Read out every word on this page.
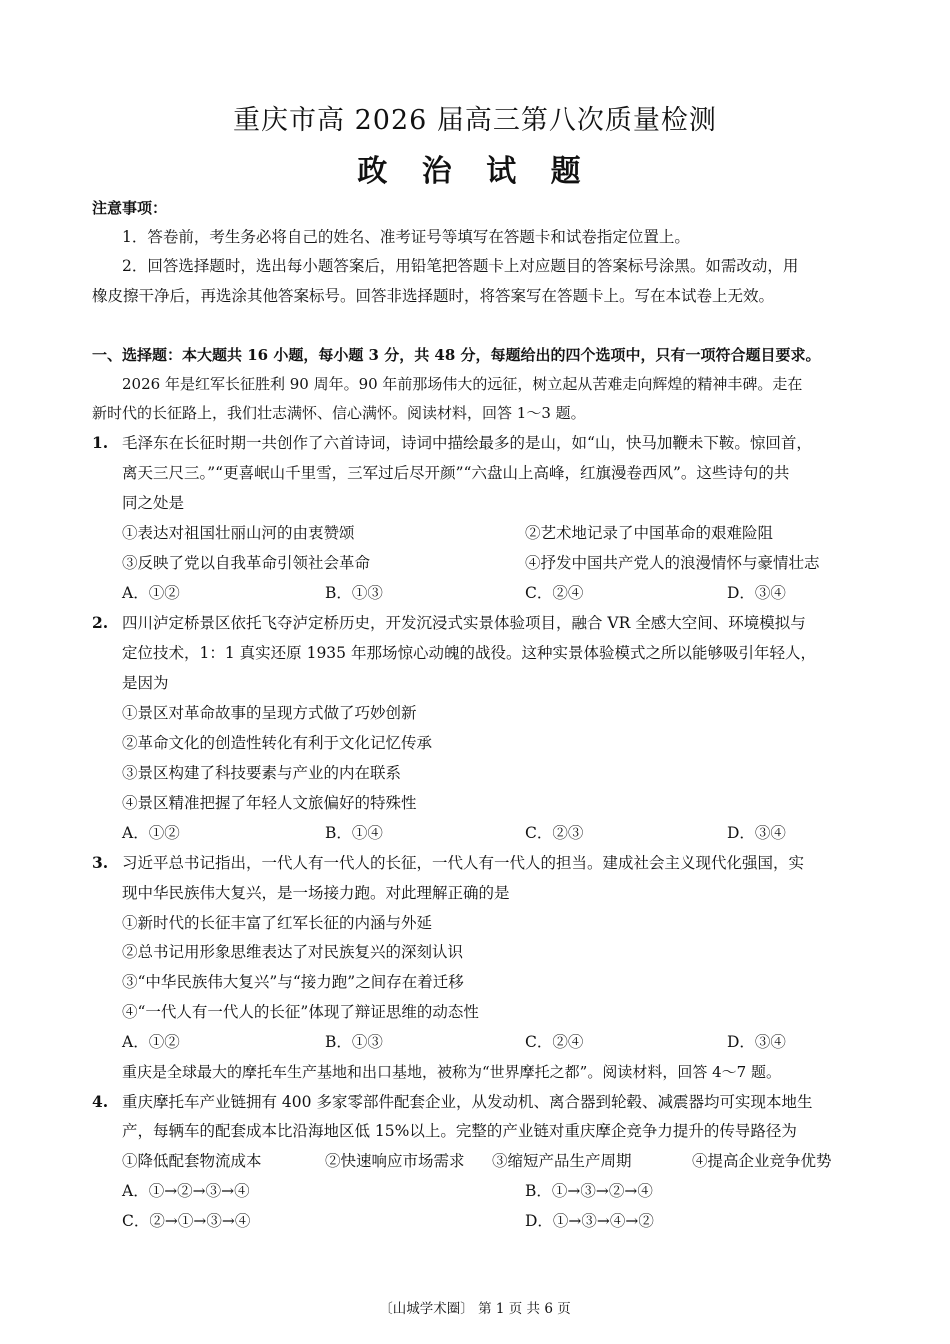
重庆市高 2026 届高三第八次质量检测
政 治 试 题
注意事项：
1．答卷前，考生务必将自己的姓名、准考证号等填写在答题卡和试卷指定位置上。
2．回答选择题时，选出每小题答案后，用铅笔把答题卡上对应题目的答案标号涂黑。如需改动，用
橡皮擦干净后，再选涂其他答案标号。回答非选择题时，将答案写在答题卡上。写在本试卷上无效。
一、选择题：本大题共 16 小题，每小题 3 分，共 48 分，每题给出的四个选项中，只有一项符合题目要求。
2026 年是红军长征胜利 90 周年。90 年前那场伟大的远征，树立起从苦难走向辉煌的精神丰碑。走在
新时代的长征路上，我们壮志满怀、信心满怀。阅读材料，回答 1～3 题。
1. 毛泽东在长征时期一共创作了六首诗词，诗词中描绘最多的是山，如“山，快马加鞭未下鞍。惊回首，
离天三尺三。”“更喜岷山千里雪，三军过后尽开颜”“六盘山上高峰，红旗漫卷西风”。这些诗句的共
同之处是
①表达对祖国壮丽山河的由衷赞颂	②艺术地记录了中国革命的艰难险阻
③反映了党以自我革命引领社会革命	④抒发中国共产党人的浪漫情怀与豪情壮志
A．①②	B．①③	C．②④	D．③④
2. 四川泸定桥景区依托飞夺泸定桥历史，开发沉浸式实景体验项目，融合 VR 全感大空间、环境模拟与
定位技术，1：1 真实还原 1935 年那场惊心动魄的战役。这种实景体验模式之所以能够吸引年轻人，
是因为
①景区对革命故事的呈现方式做了巧妙创新
②革命文化的创造性转化有利于文化记忆传承
③景区构建了科技要素与产业的内在联系
④景区精准把握了年轻人文旅偏好的特殊性
A．①②	B．①④	C．②③	D．③④
3. 习近平总书记指出，一代人有一代人的长征，一代人有一代人的担当。建成社会主义现代化强国，实
现中华民族伟大复兴，是一场接力跑。对此理解正确的是
①新时代的长征丰富了红军长征的内涵与外延
②总书记用形象思维表达了对民族复兴的深刻认识
③“中华民族伟大复兴”与“接力跑”之间存在着迁移
④“一代人有一代人的长征”体现了辩证思维的动态性
A．①②	B．①③	C．②④	D．③④
重庆是全球最大的摩托车生产基地和出口基地，被称为“世界摩托之都”。阅读材料，回答 4～7 题。
4. 重庆摩托车产业链拥有 400 多家零部件配套企业，从发动机、离合器到轮毂、减震器均可实现本地生
产，每辆车的配套成本比沿海地区低 15%以上。完整的产业链对重庆摩企竞争力提升的传导路径为
①降低配套物流成本	②快速响应市场需求 ③缩短产品生产周期	④提高企业竞争优势
A．①→②→③→④	B．①→③→②→④
C．②→①→③→④	D．①→③→④→②
〔山城学术圈〕 第 1 页 共 6 页
